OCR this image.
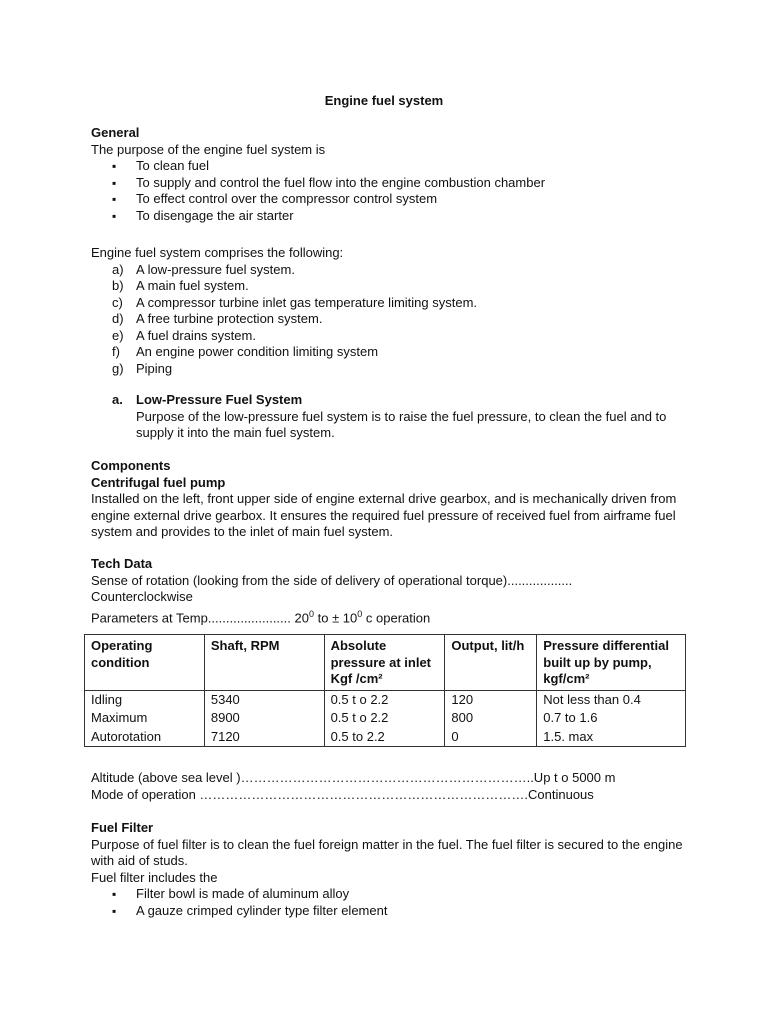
Engine fuel system
General
The purpose of the engine fuel system is
▪ To clean fuel
▪ To supply and control the fuel flow into the engine combustion chamber
▪ To effect control over the compressor control system
▪ To disengage the air starter
Engine fuel system comprises the following:
a) A low-pressure fuel system.
b) A main fuel system.
c) A compressor turbine inlet gas temperature limiting system.
d) A free turbine protection system.
e) A fuel drains system.
f) An engine power condition limiting system
g) Piping
a.	Low-Pressure Fuel System
Purpose of the low-pressure fuel system is to raise the fuel pressure, to clean the fuel and to supply it into the main fuel system.
Components
Centrifugal fuel pump
Installed on the left, front upper side of engine external drive gearbox, and is mechanically driven from engine external drive gearbox. It ensures the required fuel pressure of received fuel from airframe fuel system and provides to the inlet of main fuel system.
Tech Data
Sense of rotation (looking from the side of delivery of operational torque)..................
Counterclockwise
Parameters at Temp....................... $20^0$ to ± $10^0$ c operation
Operating condition	Shaft, RPM	Absolute pressure at inlet Kgf /cm²	Output, lit/h	Pressure differential built up by pump, kgf/cm²
Idling	5340	0.5 t o 2.2	120	Not less than 0.4
Maximum	8900	0.5 t o 2.2	800	0.7 to 1.6
Autorotation	7120	0.5 to 2.2	0	1.5. max
Altitude (above sea level )…………………………………………………………..Up t o 5000 m
Mode of operation ………………………………………………………………….Continuous
Fuel Filter
Purpose of fuel filter is to clean the fuel foreign matter in the fuel. The fuel filter is secured to the engine with aid of studs.
Fuel filter includes the
▪ Filter bowl is made of aluminum alloy
▪ A gauze crimped cylinder type filter element
